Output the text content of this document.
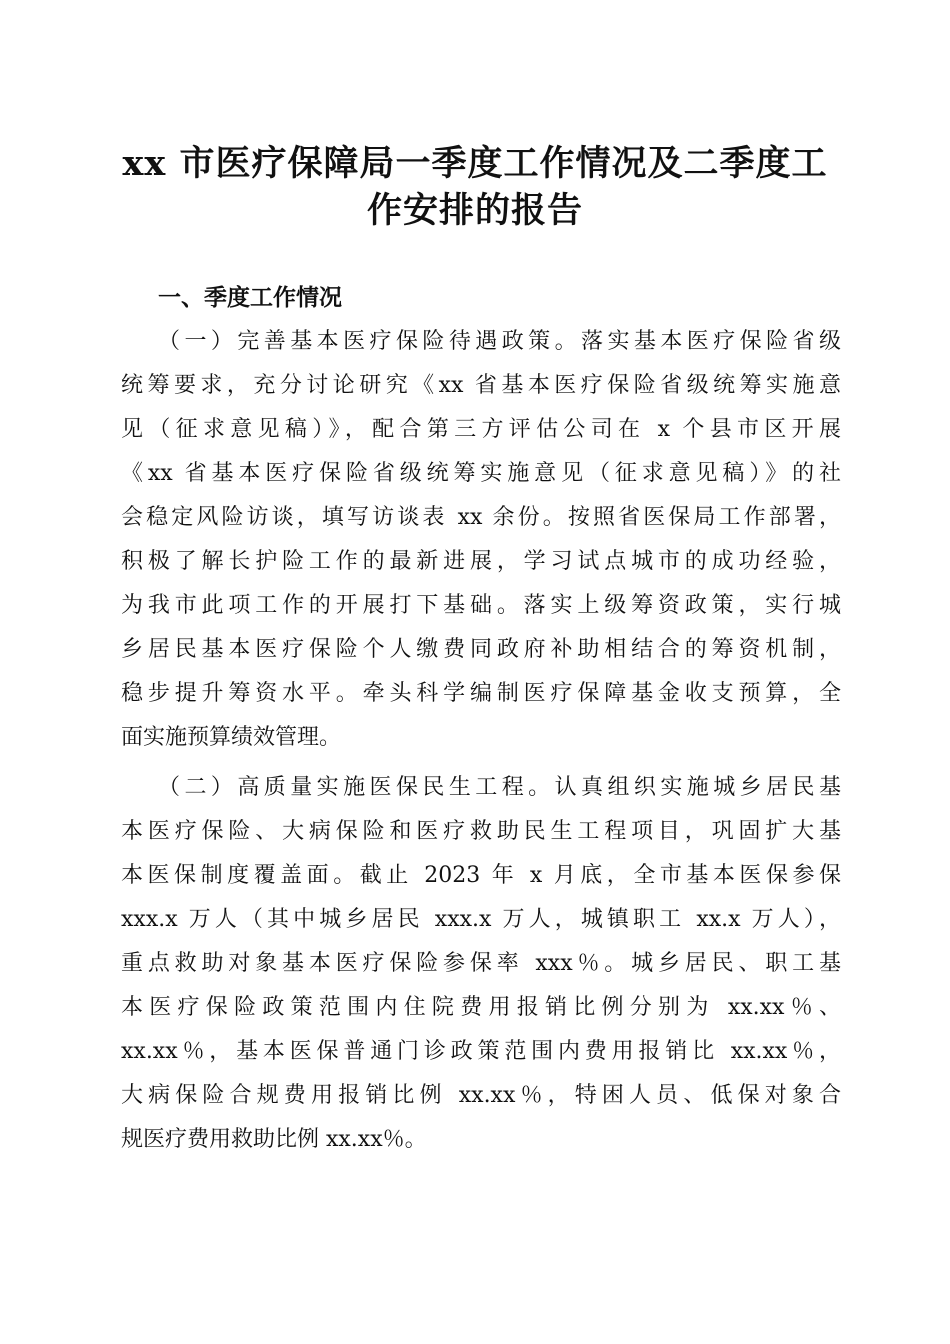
xx 市医疗保障局一季度工作情况及二季度工
作安排的报告
一、季度工作情况
（一）完善基本医疗保险待遇政策。落实基本医疗保险省级
统筹要求，充分讨论研究《xx 省基本医疗保险省级统筹实施意
见（征求意见稿）》，配合第三方评估公司在 x 个县市区开展
《xx 省基本医疗保险省级统筹实施意见（征求意见稿）》的社
会稳定风险访谈，填写访谈表 xx 余份。按照省医保局工作部署，
积极了解长护险工作的最新进展，学习试点城市的成功经验，
为我市此项工作的开展打下基础。落实上级筹资政策，实行城
乡居民基本医疗保险个人缴费同政府补助相结合的筹资机制，
稳步提升筹资水平。牵头科学编制医疗保障基金收支预算，全
面实施预算绩效管理。
（二）高质量实施医保民生工程。认真组织实施城乡居民基
本医疗保险、大病保险和医疗救助民生工程项目，巩固扩大基
本医保制度覆盖面。截止 2023 年 x 月底，全市基本医保参保
xxx.x 万人（其中城乡居民 xxx.x 万人，城镇职工 xx.x 万人），
重点救助对象基本医疗保险参保率 xxx％。城乡居民、职工基
本医疗保险政策范围内住院费用报销比例分别为 xx.xx％、
xx.xx％，基本医保普通门诊政策范围内费用报销比 xx.xx％，
大病保险合规费用报销比例 xx.xx％，特困人员、低保对象合
规医疗费用救助比例 xx.xx％。
